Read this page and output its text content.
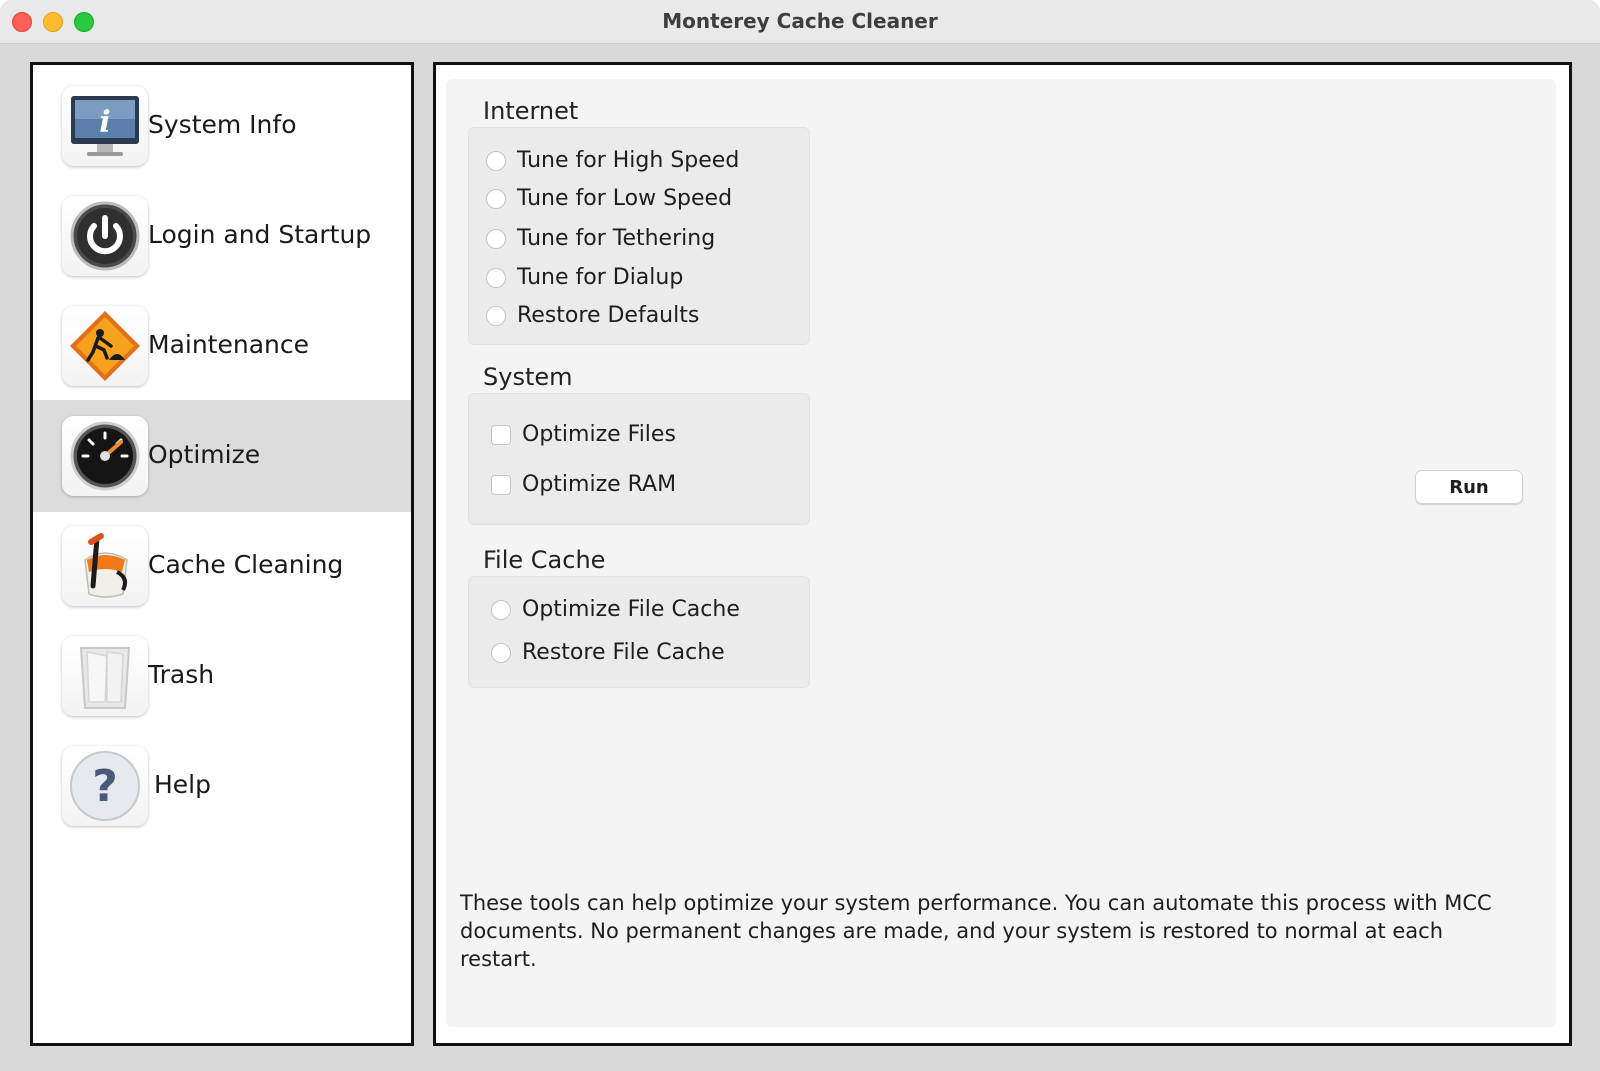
Monterey Cache Cleaner
i System Info
Login and Startup
Maintenance
Optimize
Cache Cleaning
Trash
? Help
Internet
Tune for High Speed
Tune for Low Speed
Tune for Tethering
Tune for Dialup
Restore Defaults
System
Optimize Files
Optimize RAM
File Cache
Optimize File Cache
Restore File Cache
Run
These tools can help optimize your system performance. You can automate this process with MCC documents. No permanent changes are made, and your system is restored to normal at each restart.
